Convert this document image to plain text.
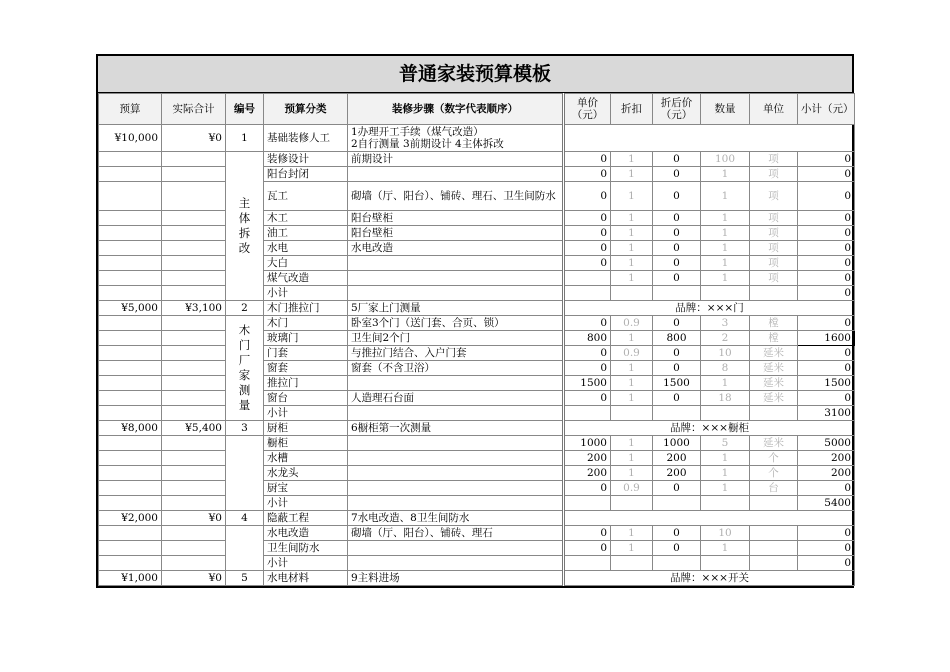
普通家装预算模板
预算	实际合计	编号	预算分类	装修步骤（数字代表顺序）	单价（元）	折扣	折后价（元）	数量	单位	小计（元）
¥10,000	¥0	1	基础装修人工	1办理开工手续（煤气改造）
2自行测量 3前期设计 4主体拆改						
		主体拆改	装修设计	前期设计	0	1	0	100	项	0
			阳台封闭		0	1	0	1	项	0
			瓦工	砌墙（厅、阳台）、铺砖、理石、卫生间防水	0	1	0	1	项	0
			木工	阳台壁柜	0	1	0	1	项	0
			油工	阳台壁柜	0	1	0	1	项	0
			水电	水电改造	0	1	0	1	项	0
			大白		0	1	0	1	项	0
			煤气改造			1	0	1	项	0
			小计							0
¥5,000	¥3,100	2	木门推拉门	5厂家上门测量	品牌：×××门					
		木门厂家测量	木门	卧室3个门（送门套、合页、锁）	0	0.9	0	3	樘	0
			玻璃门	卫生间2个门	800	1	800	2	樘	1600
			门套	与推拉门结合、入户门套	0	0.9	0	10	延米	0
			窗套	窗套（不含卫浴）	0	1	0	8	延米	0
			推拉门		1500	1	1500	1	延米	1500
			窗台	人造理石台面	0	1	0	18	延米	0
			小计							3100
¥8,000	¥5,400	3	厨柜	6橱柜第一次测量	品牌：×××橱柜					
			橱柜		1000	1	1000	5	延米	5000
			水槽		200	1	200	1	个	200
			水龙头		200	1	200	1	个	200
			厨宝		0	0.9	0	1	台	0
			小计							5400
¥2,000	¥0	4	隐蔽工程	7水电改造、8卫生间防水						
			水电改造	砌墙（厅、阳台）、铺砖、理石	0	1	0	10		0
			卫生间防水		0	1	0	1		0
			小计							0
¥1,000	¥0	5	水电材料	9主料进场	品牌：×××开关					
